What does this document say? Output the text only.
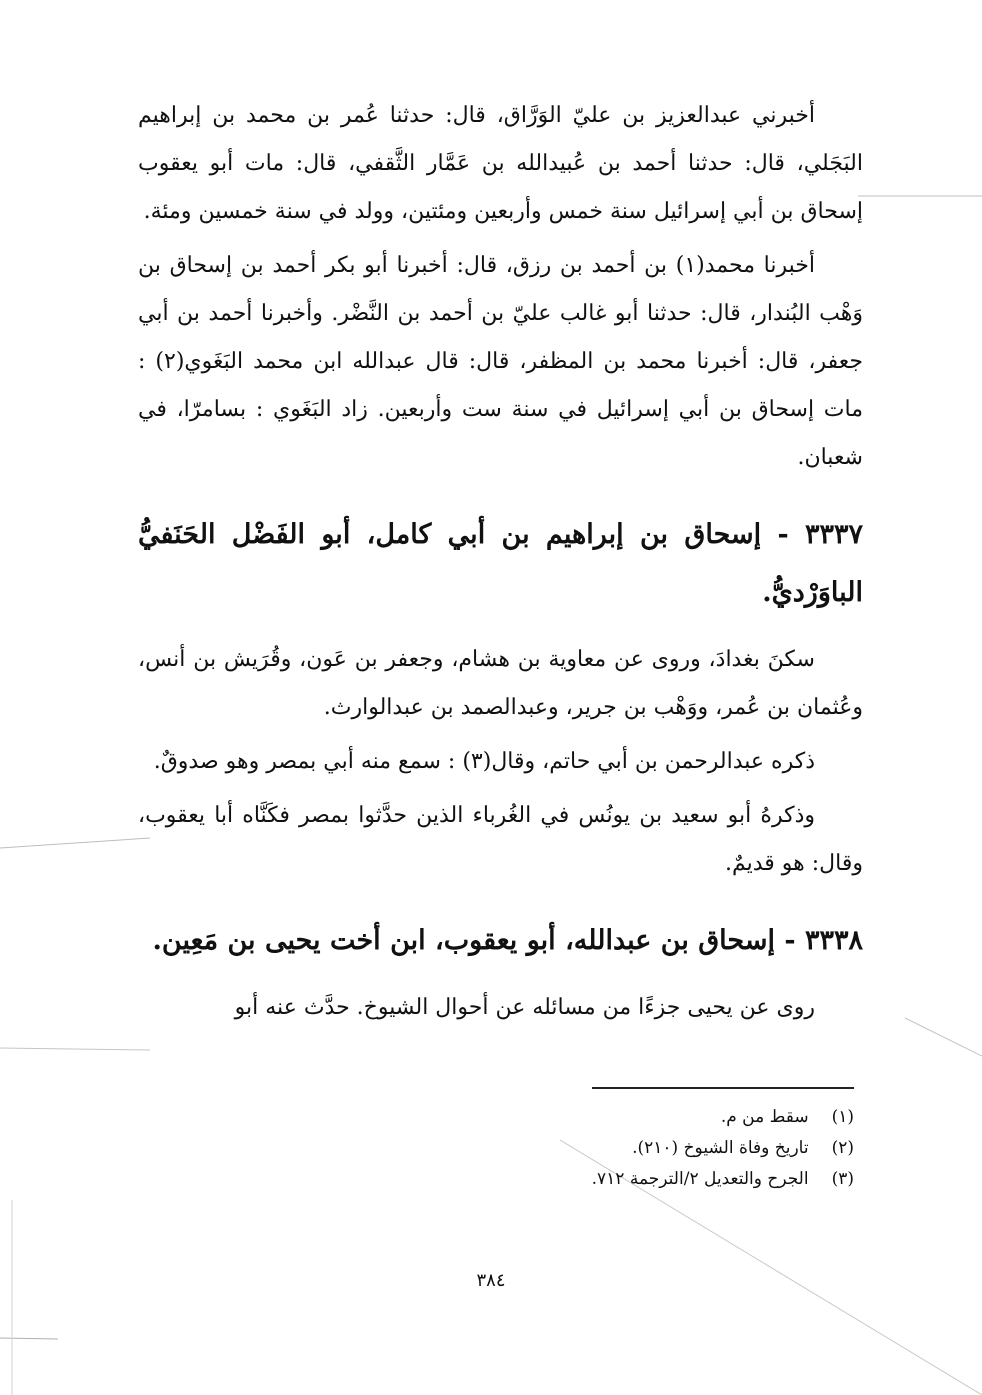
أخبرني عبدالعزيز بن عليّ الوَرَّاق، قال: حدثنا عُمر بن محمد بن إبراهيم البَجَلي، قال: حدثنا أحمد بن عُبيدالله بن عَمَّار الثَّقفي، قال: مات أبو يعقوب إسحاق بن أبي إسرائيل سنة خمس وأربعين ومئتين، وولد في سنة خمسين ومئة.

أخبرنا محمد(١) بن أحمد بن رزق، قال: أخبرنا أبو بكر أحمد بن إسحاق بن وَهْب البُندار، قال: حدثنا أبو غالب عليّ بن أحمد بن النَّضْر. وأخبرنا أحمد بن أبي جعفر، قال: أخبرنا محمد بن المظفر، قال: قال عبدالله ابن محمد البَغَوي(٢) : مات إسحاق بن أبي إسرائيل في سنة ست وأربعين. زاد البَغَوي : بسامرّا، في شعبان.

٣٣٣٧ - إسحاق بن إبراهيم بن أبي كامل، أبو الفَضْل الحَنَفيُّ الباوَرْديُّ.

سكنَ بغدادَ، وروى عن معاوية بن هشام، وجعفر بن عَون، وقُرَيش بن أنس، وعُثمان بن عُمر، ووَهْب بن جرير، وعبدالصمد بن عبدالوارث.

ذكره عبدالرحمن بن أبي حاتم، وقال(٣) : سمع منه أبي بمصر وهو صدوقٌ.

وذكرهُ أبو سعيد بن يونُس في الغُرباء الذين حدَّثوا بمصر فكَنَّاه أبا يعقوب، وقال: هو قديمٌ.

٣٣٣٨ - إسحاق بن عبدالله، أبو يعقوب، ابن أخت يحيى بن مَعِين.

روى عن يحيى جزءًا من مسائله عن أحوال الشيوخ. حدَّث عنه أبو

(١) سقط من م.
(٢) تاريخ وفاة الشيوخ (٢١٠).
(٣) الجرح والتعديل ٢/الترجمة ٧١٢.
٣٨٤
